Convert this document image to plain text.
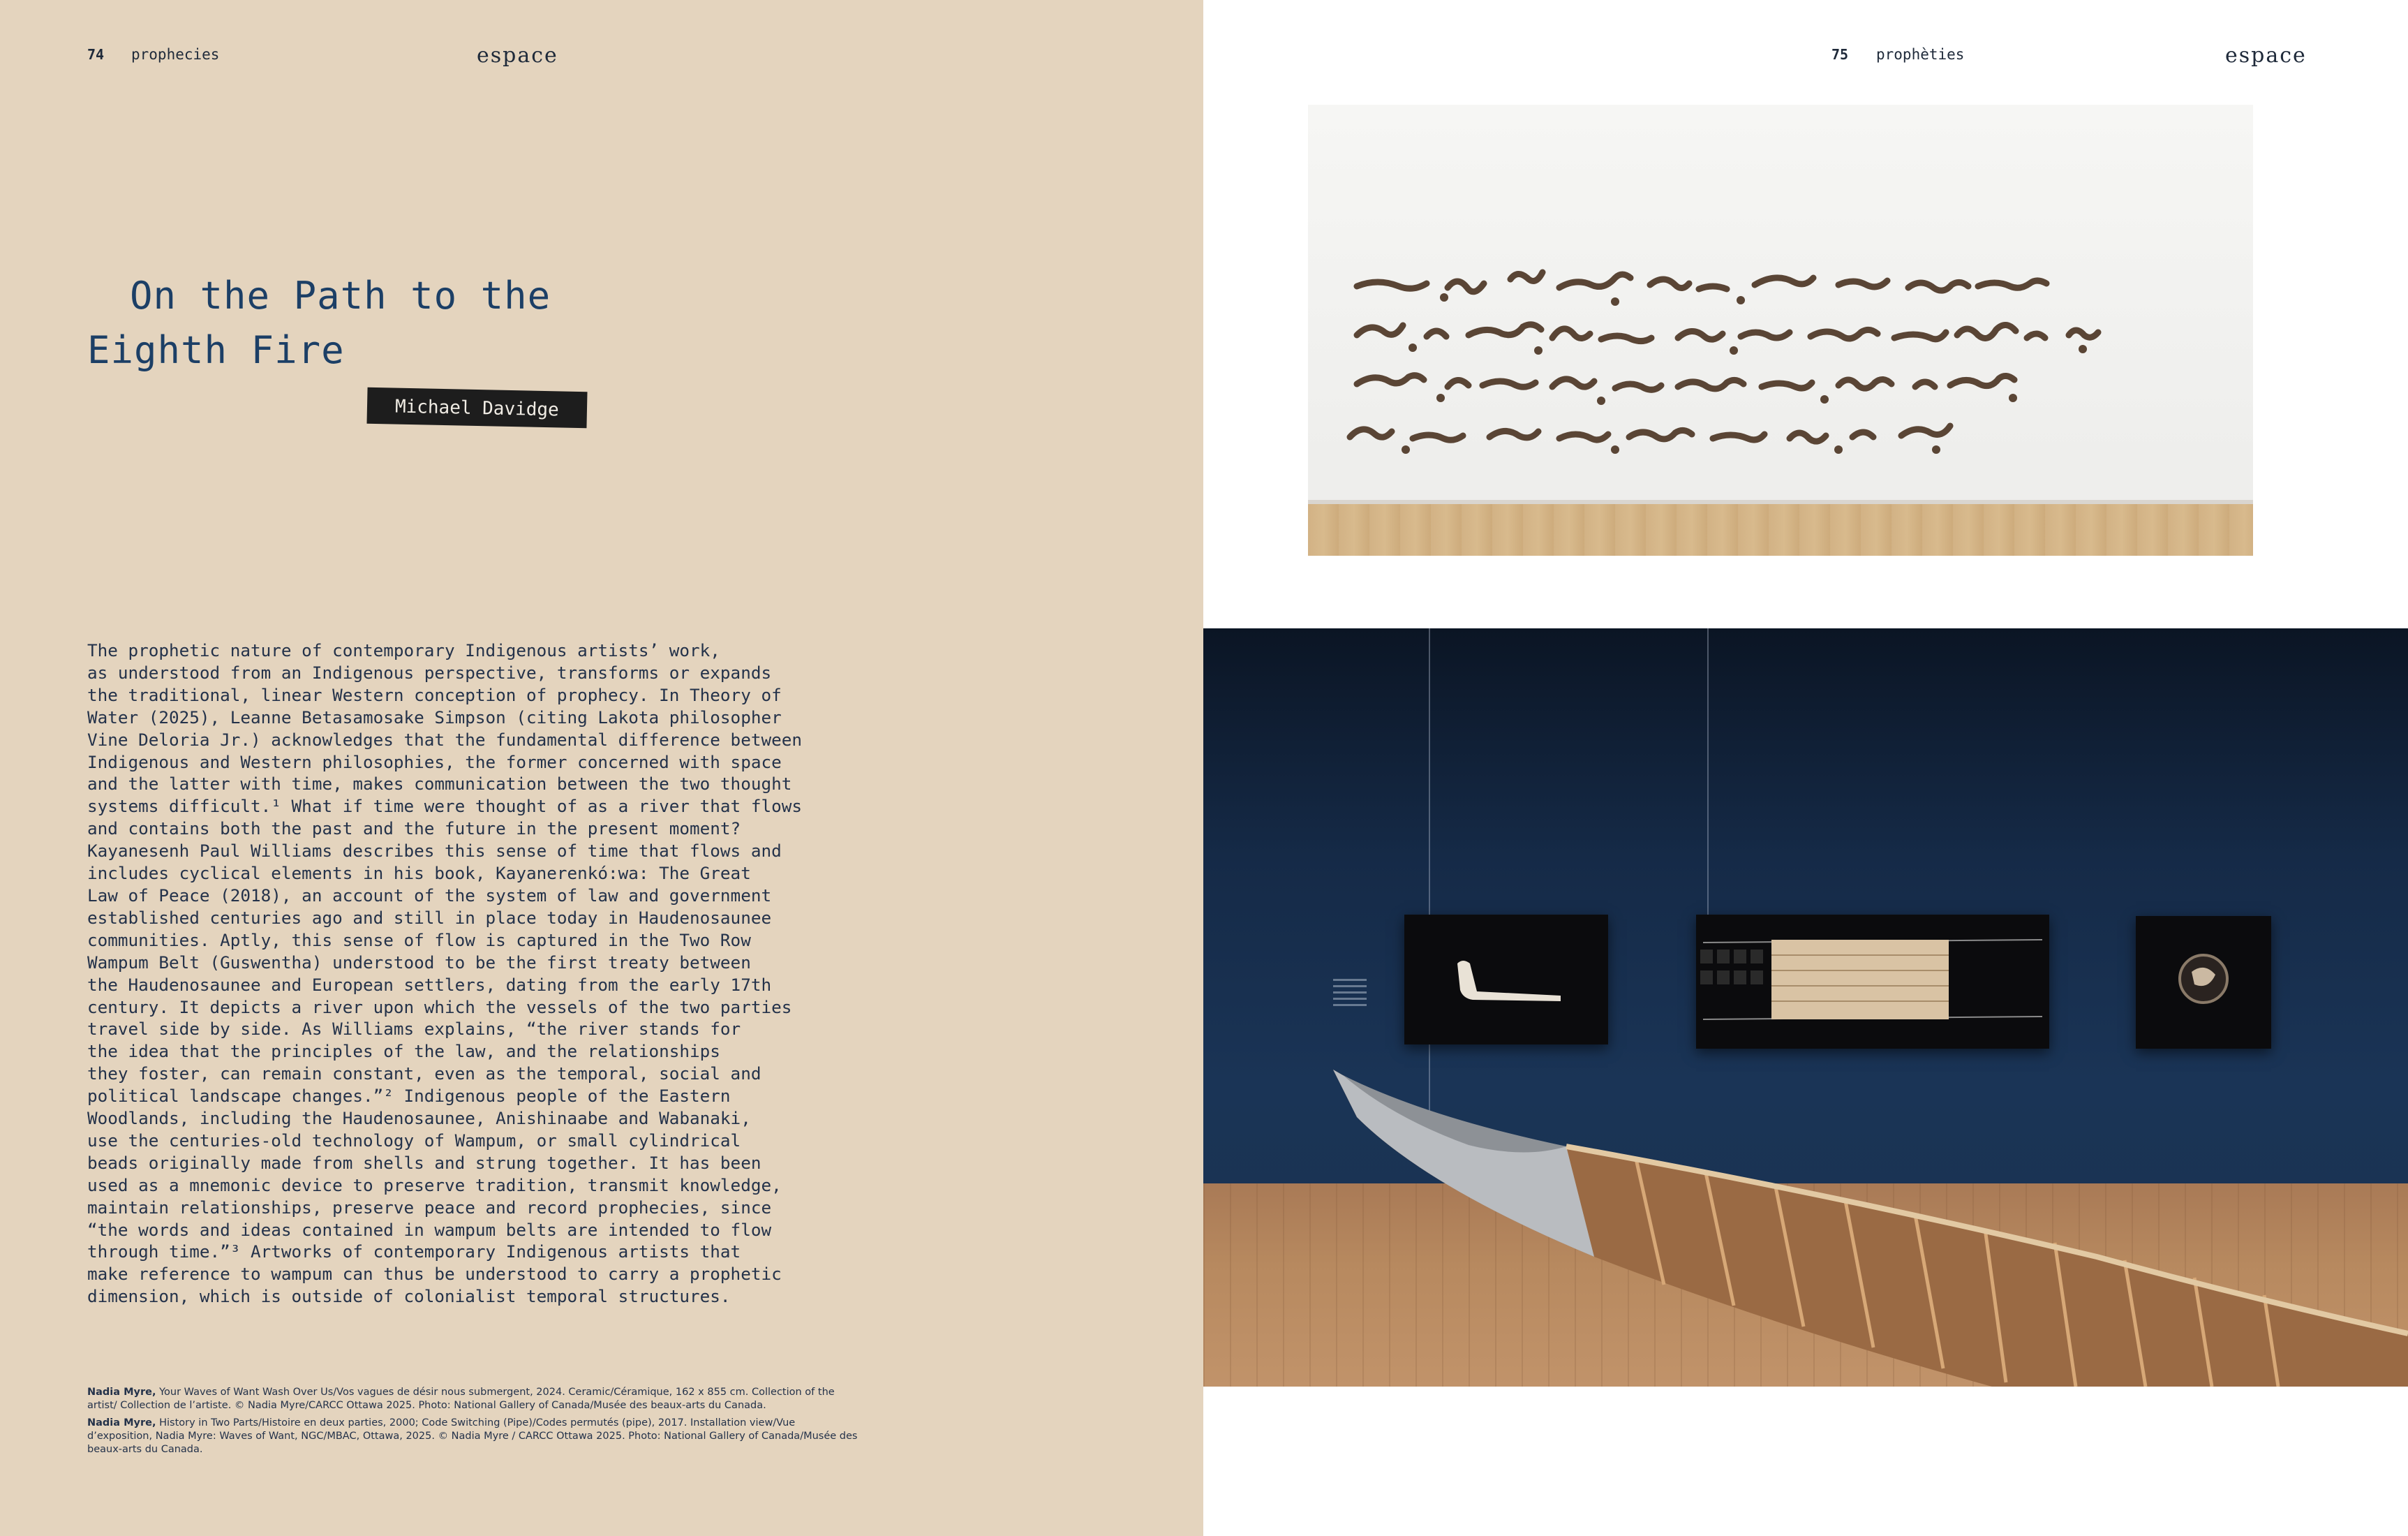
74 prophecies	espace
On the Path to the
Eighth Fire
Michael Davidge
The prophetic nature of contemporary Indigenous artists’ work,
as understood from an Indigenous perspective, transforms or expands
the traditional, linear Western conception of prophecy. In Theory of
Water (2025), Leanne Betasamosake Simpson (citing Lakota philosopher
Vine Deloria Jr.) acknowledges that the fundamental difference between
Indigenous and Western philosophies, the former concerned with space
and the latter with time, makes communication between the two thought
systems difficult.¹ What if time were thought of as a river that flows
and contains both the past and the future in the present moment?
Kayanesenh Paul Williams describes this sense of time that flows and
includes cyclical elements in his book, Kayanerenkó:wa: The Great
Law of Peace (2018), an account of the system of law and government
established centuries ago and still in place today in Haudenosaunee
communities. Aptly, this sense of flow is captured in the Two Row
Wampum Belt (Guswentha) understood to be the first treaty between
the Haudenosaunee and European settlers, dating from the early 17th
century. It depicts a river upon which the vessels of the two parties
travel side by side. As Williams explains, “the river stands for
the idea that the principles of the law, and the relationships
they foster, can remain constant, even as the temporal, social and
political landscape changes.”² Indigenous people of the Eastern
Woodlands, including the Haudenosaunee, Anishinaabe and Wabanaki,
use the centuries-old technology of Wampum, or small cylindrical
beads originally made from shells and strung together. It has been
used as a mnemonic device to preserve tradition, transmit knowledge,
maintain relationships, preserve peace and record prophecies, since
“the words and ideas contained in wampum belts are intended to flow
through time.”³ Artworks of contemporary Indigenous artists that
make reference to wampum can thus be understood to carry a prophetic
dimension, which is outside of colonialist temporal structures.
Nadia Myre, Your Waves of Want Wash Over Us/Vos vagues de désir nous submergent, 2024. Ceramic/Céramique, 162 x 855 cm. Collection of the artist/ Collection de l’artiste. © Nadia Myre/CARCC Ottawa 2025. Photo: National Gallery of Canada/Musée des beaux-arts du Canada.
Nadia Myre, History in Two Parts/Histoire en deux parties, 2000; Code Switching (Pipe)/Codes permutés (pipe), 2017. Installation view/Vue d’exposition, Nadia Myre: Waves of Want, NGC/MBAC, Ottawa, 2025. © Nadia Myre / CARCC Ottawa 2025. Photo: National Gallery of Canada/Musée des beaux-arts du Canada.
75 prophèties	espace
